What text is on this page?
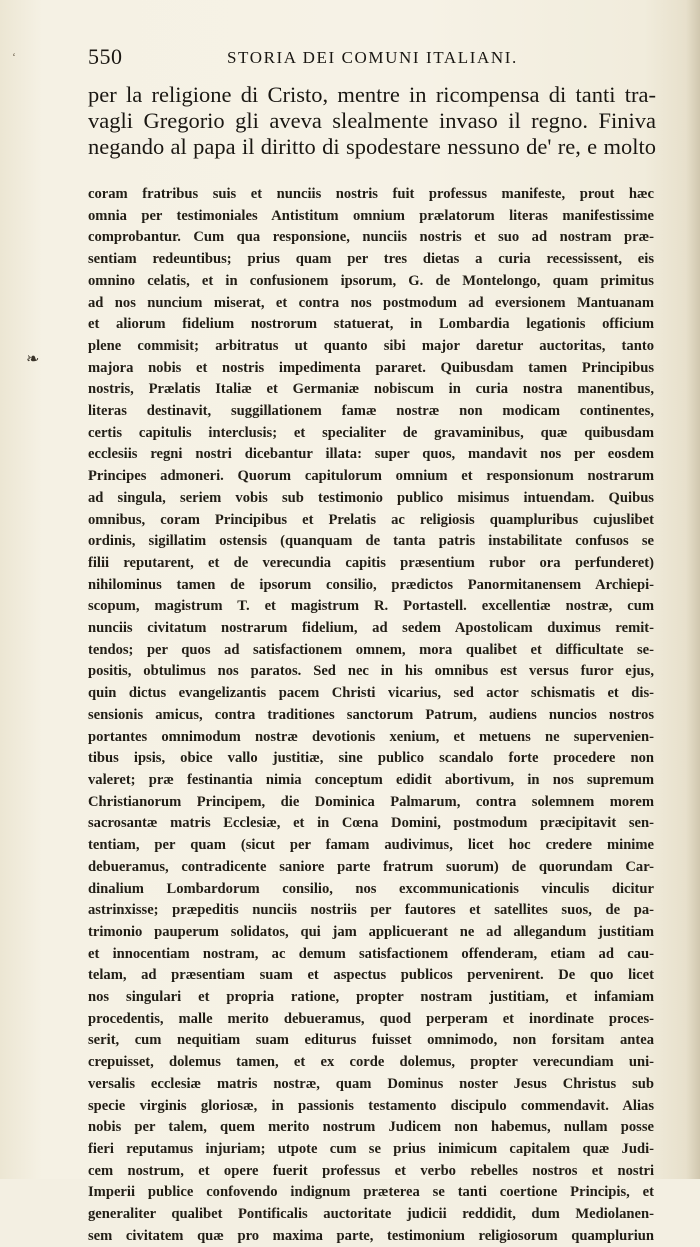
ʻ	550	STORIA DEI COMUNI ITALIANI.
per la religione di Cristo, mentre in ricompensa di tanti tra-
vagli Gregorio gli aveva slealmente invaso il regno. Finiva
negando al papa il diritto di spodestare nessuno de' re, e molto
❧
coram fratribus suis et nunciis nostris fuit professus manifeste, prout hæc
omnia per testimoniales Antistitum omnium prælatorum literas manifestissime
comprobantur. Cum qua responsione, nunciis nostris et suo ad nostram præ-
sentiam redeuntibus; prius quam per tres dietas a curia recessissent, eis
omnino celatis, et in confusionem ipsorum, G. de Montelongo, quam primitus
ad nos nuncium miserat, et contra nos postmodum ad eversionem Mantuanam
et aliorum fidelium nostrorum statuerat, in Lombardia legationis officium
plene commisit; arbitratus ut quanto sibi major daretur auctoritas, tanto
majora nobis et nostris impedimenta pararet. Quibusdam tamen Principibus
nostris, Prælatis Italiæ et Germaniæ nobiscum in curia nostra manentibus,
literas destinavit, suggillationem famæ nostræ non modicam continentes,
certis capitulis interclusis; et specialiter de gravaminibus, quæ quibusdam
ecclesiis regni nostri dicebantur illata: super quos, mandavit nos per eosdem
Principes admoneri. Quorum capitulorum omnium et responsionum nostrarum
ad singula, seriem vobis sub testimonio publico misimus intuendam. Quibus
omnibus, coram Principibus et Prelatis ac religiosis quampluribus cujuslibet
ordinis, sigillatim ostensis (quanquam de tanta patris instabilitate confusos se
filii reputarent, et de verecundia capitis præsentium rubor ora perfunderet)
nihilominus tamen de ipsorum consilio, prædictos Panormitanensem Archiepi-
scopum, magistrum T. et magistrum R. Portastell. excellentiæ nostræ, cum
nunciis civitatum nostrarum fidelium, ad sedem Apostolicam duximus remit-
tendos; per quos ad satisfactionem omnem, mora qualibet et difficultate se-
positis, obtulimus nos paratos. Sed nec in his omnibus est versus furor ejus,
quin dictus evangelizantis pacem Christi vicarius, sed actor schismatis et dis-
sensionis amicus, contra traditiones sanctorum Patrum, audiens nuncios nostros
portantes omnimodum nostræ devotionis xenium, et metuens ne supervenien-
tibus ipsis, obice vallo justitiæ, sine publico scandalo forte procedere non
valeret; præ festinantia nimia conceptum edidit abortivum, in nos supremum
Christianorum Principem, die Dominica Palmarum, contra solemnem morem
sacrosantæ matris Ecclesiæ, et in Cœna Domini, postmodum præcipitavit sen-
tentiam, per quam (sicut per famam audivimus, licet hoc credere minime
debueramus, contradicente saniore parte fratrum suorum) de quorundam Car-
dinalium Lombardorum consilio, nos excommunicationis vinculis dicitur
astrinxisse; præpeditis nunciis nostriis per fautores et satellites suos, de pa-
trimonio pauperum solidatos, qui jam applicuerant ne ad allegandum justitiam
et innocentiam nostram, ac demum satisfactionem offenderam, etiam ad cau-
telam, ad præsentiam suam et aspectus publicos pervenirent. De quo licet
nos singulari et propria ratione, propter nostram justitiam, et infamiam
procedentis, malle merito debueramus, quod perperam et inordinate proces-
serit, cum nequitiam suam editurus fuisset omnimodo, non forsitam antea
crepuisset, dolemus tamen, et ex corde dolemus, propter verecundiam uni-
versalis ecclesiæ matris nostræ, quam Dominus noster Jesus Christus sub
specie virginis gloriosæ, in passionis testamento discipulo commendavit. Alias
nobis per talem, quem merito nostrum Judicem non habemus, nullam posse
fieri reputamus injuriam; utpote cum se prius inimicum capitalem quæ Judi-
cem nostrum, et opere fuerit professus et verbo rebelles nostros et nostri
Imperii publice confovendo indignum præterea se tanti coertione Principis, et
generaliter qualibet Pontificalis auctoritate judicii reddidit, dum Mediolanen-
sem civitatem quæ pro maxima parte, testimonium religiosorum quampluriun
